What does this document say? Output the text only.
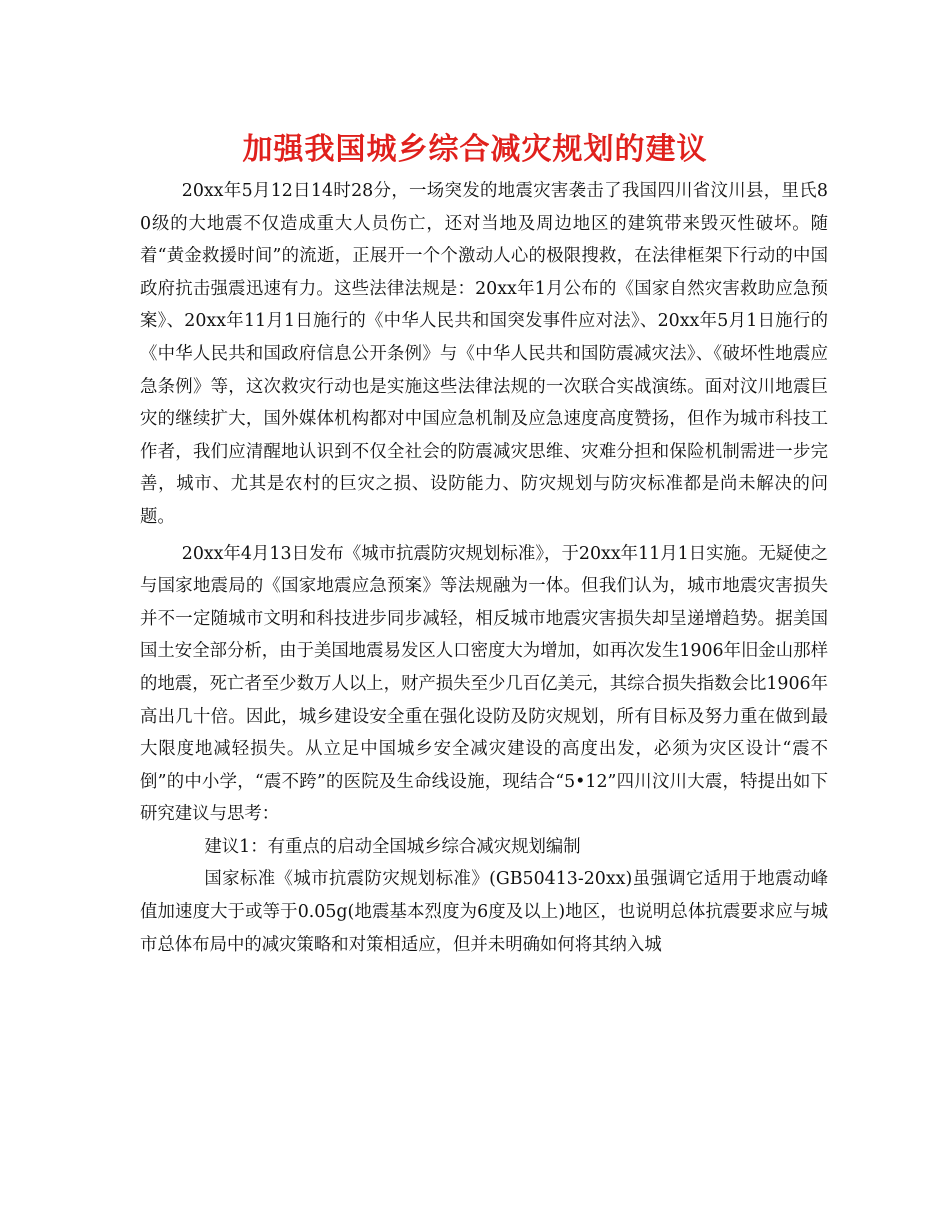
加强我国城乡综合减灾规划的建议

20xx年5月12日14时28分，一场突发的地震灾害袭击了我国四川省汶川县，里氏8 0级的大地震不仅造成重大人员伤亡，还对当地及周边地区的建筑带来毁灭性破坏。随着“黄金救援时间”的流逝，正展开一个个激动人心的极限搜救，在法律框架下行动的中国政府抗击强震迅速有力。这些法律法规是：20xx年1月公布的《国家自然灾害救助应急预案》、20xx年11月1日施行的《中华人民共和国突发事件应对法》、20xx年5月1日施行的《中华人民共和国政府信息公开条例》与《中华人民共和国防震减灾法》、《破坏性地震应急条例》等，这次救灾行动也是实施这些法律法规的一次联合实战演练。面对汶川地震巨灾的继续扩大，国外媒体机构都对中国应急机制及应急速度高度赞扬，但作为城市科技工作者，我们应清醒地认识到不仅全社会的防震减灾思维、灾难分担和保险机制需进一步完善，城市、尤其是农村的巨灾之损、设防能力、防灾规划与防灾标准都是尚未解决的问题。

20xx年4月13日发布《城市抗震防灾规划标准》，于20xx年11月1日实施。无疑使之与国家地震局的《国家地震应急预案》等法规融为一体。但我们认为，城市地震灾害损失并不一定随城市文明和科技进步同步减轻，相反城市地震灾害损失却呈递增趋势。据美国国土安全部分析，由于美国地震易发区人口密度大为增加，如再次发生1906年旧金山那样的地震，死亡者至少数万人以上，财产损失至少几百亿美元，其综合损失指数会比1906年高出几十倍。因此，城乡建设安全重在强化设防及防灾规划，所有目标及努力重在做到最大限度地减轻损失。从立足中国城乡安全减灾建设的高度出发，必须为灾区设计“震不倒”的中小学，“震不跨”的医院及生命线设施，现结合“5•12”四川汶川大震，特提出如下研究建议与思考：

建议1：有重点的启动全国城乡综合减灾规划编制

国家标准《城市抗震防灾规划标准》(GB50413-20xx)虽强调它适用于地震动峰值加速度大于或等于0.05g(地震基本烈度为6度及以上)地区，也说明总体抗震要求应与城市总体布局中的减灾策略和对策相适应，但并未明确如何将其纳入城
